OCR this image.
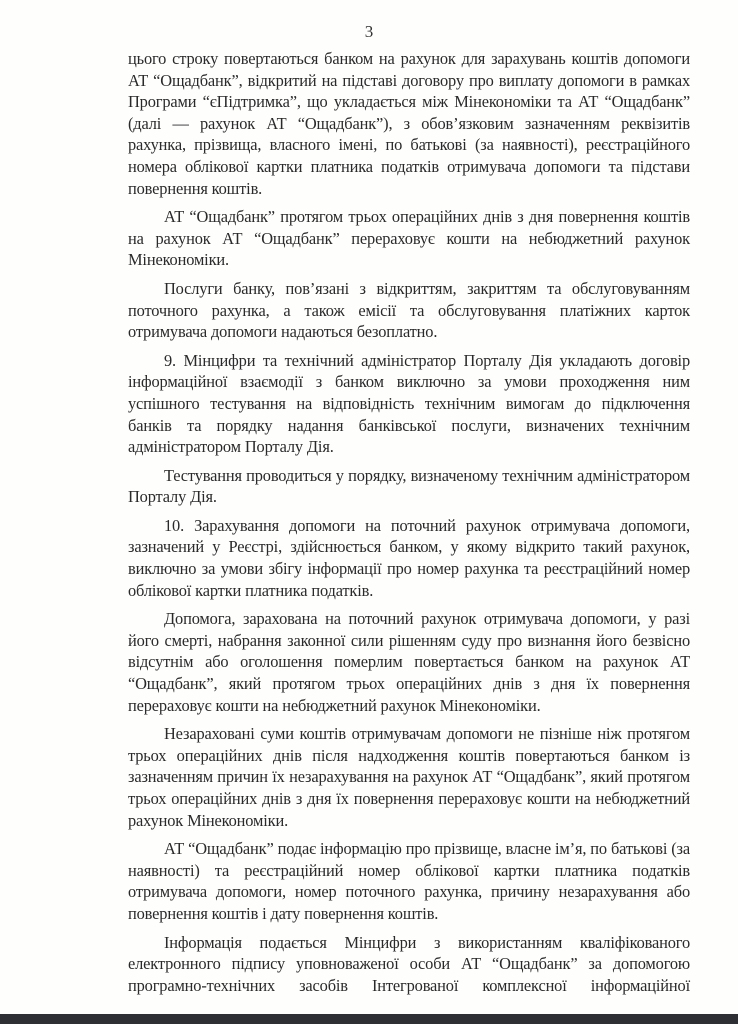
3

цього строку повертаються банком на рахунок для зарахувань коштів допомоги АТ “Ощадбанк”, відкритий на підставі договору про виплату допомоги в рамках Програми “єПідтримка”, що укладається між Мінекономіки та АТ “Ощадбанк” (далі — рахунок АТ “Ощадбанк”), з обов’язковим зазначенням реквізитів рахунка, прізвища, власного імені, по батькові (за наявності), реєстраційного номера облікової картки платника податків отримувача допомоги та підстави повернення коштів.

АТ “Ощадбанк” протягом трьох операційних днів з дня повернення коштів на рахунок АТ “Ощадбанк” перераховує кошти на небюджетний рахунок Мінекономіки.

Послуги банку, пов’язані з відкриттям, закриттям та обслуговуванням поточного рахунка, а також емісії та обслуговування платіжних карток отримувача допомоги надаються безоплатно.

9. Мінцифри та технічний адміністратор Порталу Дія укладають договір інформаційної взаємодії з банком виключно за умови проходження ним успішного тестування на відповідність технічним вимогам до підключення банків та порядку надання банківської послуги, визначених технічним адміністратором Порталу Дія.

Тестування проводиться у порядку, визначеному технічним адміністратором Порталу Дія.

10. Зарахування допомоги на поточний рахунок отримувача допомоги, зазначений у Реєстрі, здійснюється банком, у якому відкрито такий рахунок, виключно за умови збігу інформації про номер рахунка та реєстраційний номер облікової картки платника податків.

Допомога, зарахована на поточний рахунок отримувача допомоги, у разі його смерті, набрання законної сили рішенням суду про визнання його безвісно відсутнім або оголошення померлим повертається банком на рахунок АТ “Ощадбанк”, який протягом трьох операційних днів з дня їх повернення перераховує кошти на небюджетний рахунок Мінекономіки.

Незараховані суми коштів отримувачам допомоги не пізніше ніж протягом трьох операційних днів після надходження коштів повертаються банком із зазначенням причин їх незарахування на рахунок АТ “Ощадбанк”, який протягом трьох операційних днів з дня їх повернення перераховує кошти на небюджетний рахунок Мінекономіки.

АТ “Ощадбанк” подає інформацію про прізвище, власне ім’я, по батькові (за наявності) та реєстраційний номер облікової картки платника податків отримувача допомоги, номер поточного рахунка, причину незарахування або повернення коштів і дату повернення коштів.

Інформація подається Мінцифри з використанням кваліфікованого електронного підпису уповноваженої особи АТ “Ощадбанк” за допомогою програмно-технічних засобів Інтегрованої комплексної інформаційної
